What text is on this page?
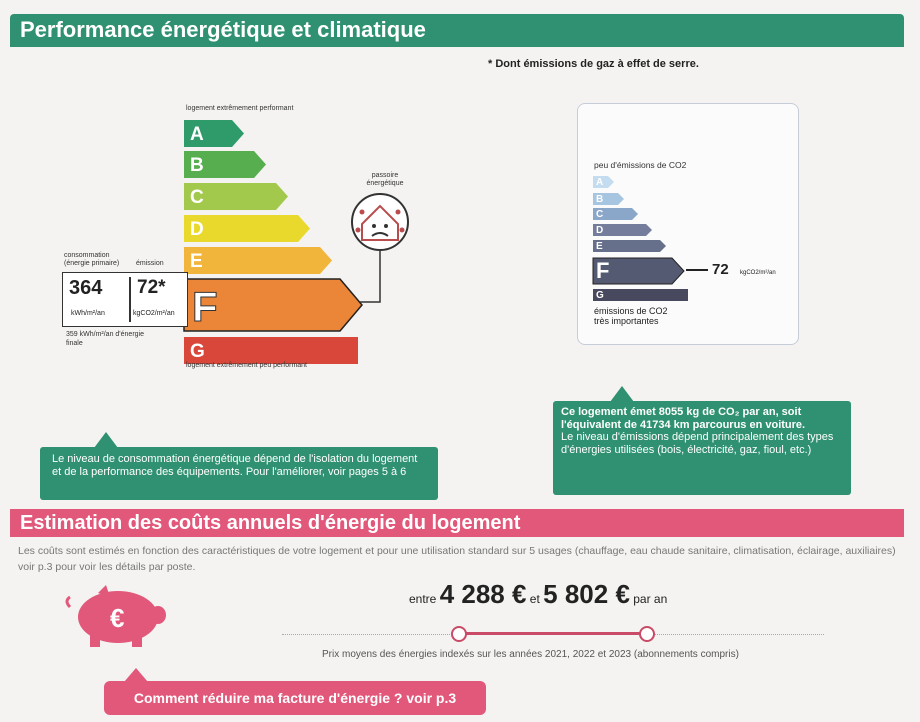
Performance énergétique et climatique
* Dont émissions de gaz à effet de serre.
logement extrêmement performant
A
B
C
D
E
F
G
logement extrêmement peu performant
consommation (énergie primaire)	émission
364 72*
kWh/m²/an	kgCO2/m²/an
359 kWh/m²/an d'énergie finale
passoire énergétique
Le niveau de consommation énergétique dépend de l'isolation du logement et de la performance des équipements. Pour l'améliorer, voir pages 5 à 6
peu d'émissions de CO2
A
B
C
D
E
F
G
72 kgCO2/m²/an
émissions de CO2
très importantes
Ce logement émet 8055 kg de CO₂ par an, soit l'équivalent de 41734 km parcourus en voiture.
Le niveau d'émissions dépend principalement des types d'énergies utilisées (bois, électricité, gaz, fioul, etc.)
Estimation des coûts annuels d'énergie du logement
Les coûts sont estimés en fonction des caractéristiques de votre logement et pour une utilisation standard sur 5 usages (chauffage, eau chaude sanitaire, climatisation, éclairage, auxiliaires) voir p.3 pour voir les détails par poste.
€
entre 4 288 € et 5 802 € par an
Prix moyens des énergies indexés sur les années 2021, 2022 et 2023 (abonnements compris)
Comment réduire ma facture d'énergie ? voir p.3
